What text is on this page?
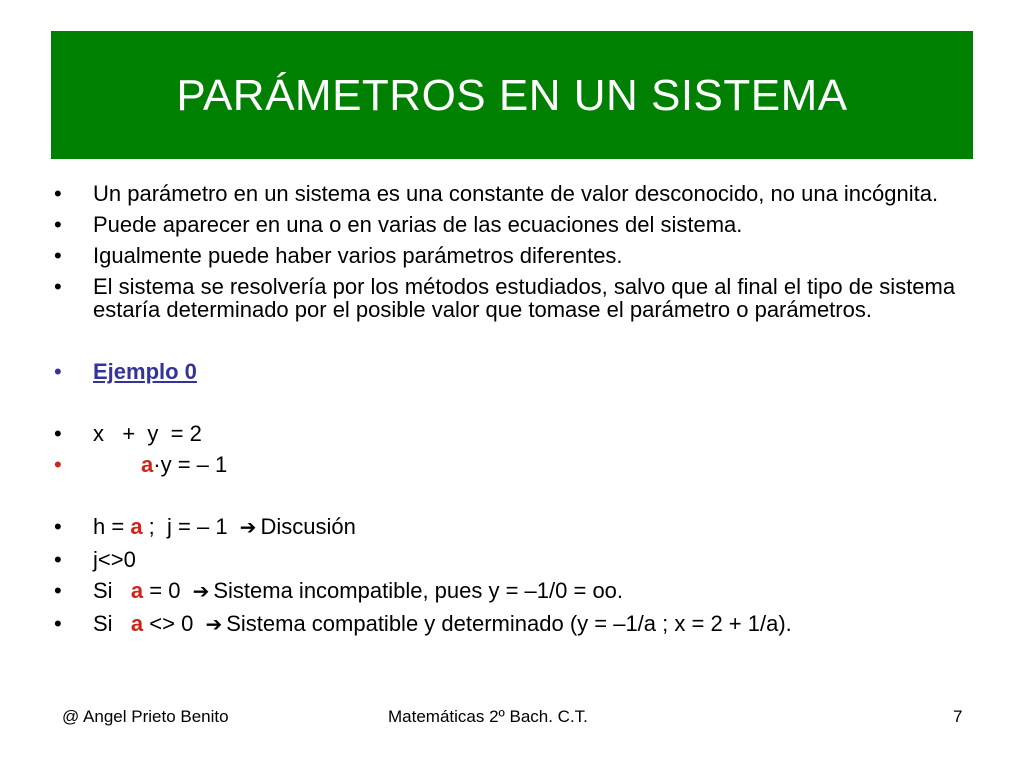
PARÁMETROS EN UN SISTEMA
•	Un parámetro en un sistema es una constante de valor desconocido, no una incógnita.
•	Puede aparecer en una o en varias de las ecuaciones del sistema.
•	Igualmente puede haber varios parámetros diferentes.
•	El sistema se resolvería por los métodos estudiados, salvo que al final el tipo de sistema estaría determinado por el posible valor que tomase el parámetro o parámetros.
•	Ejemplo 0
•	x   +  y  = 2
•	a·y = – 1
•	h = a ;  j = – 1 ➔ Discusión
•	j<>0
•	Si   a = 0 ➔ Sistema incompatible, pues y = –1/0 = oo.
•	Si   a <> 0 ➔ Sistema compatible y determinado (y = –1/a ; x = 2 + 1/a).
@ Angel Prieto Benito	Matemáticas 2º Bach. C.T.	7
